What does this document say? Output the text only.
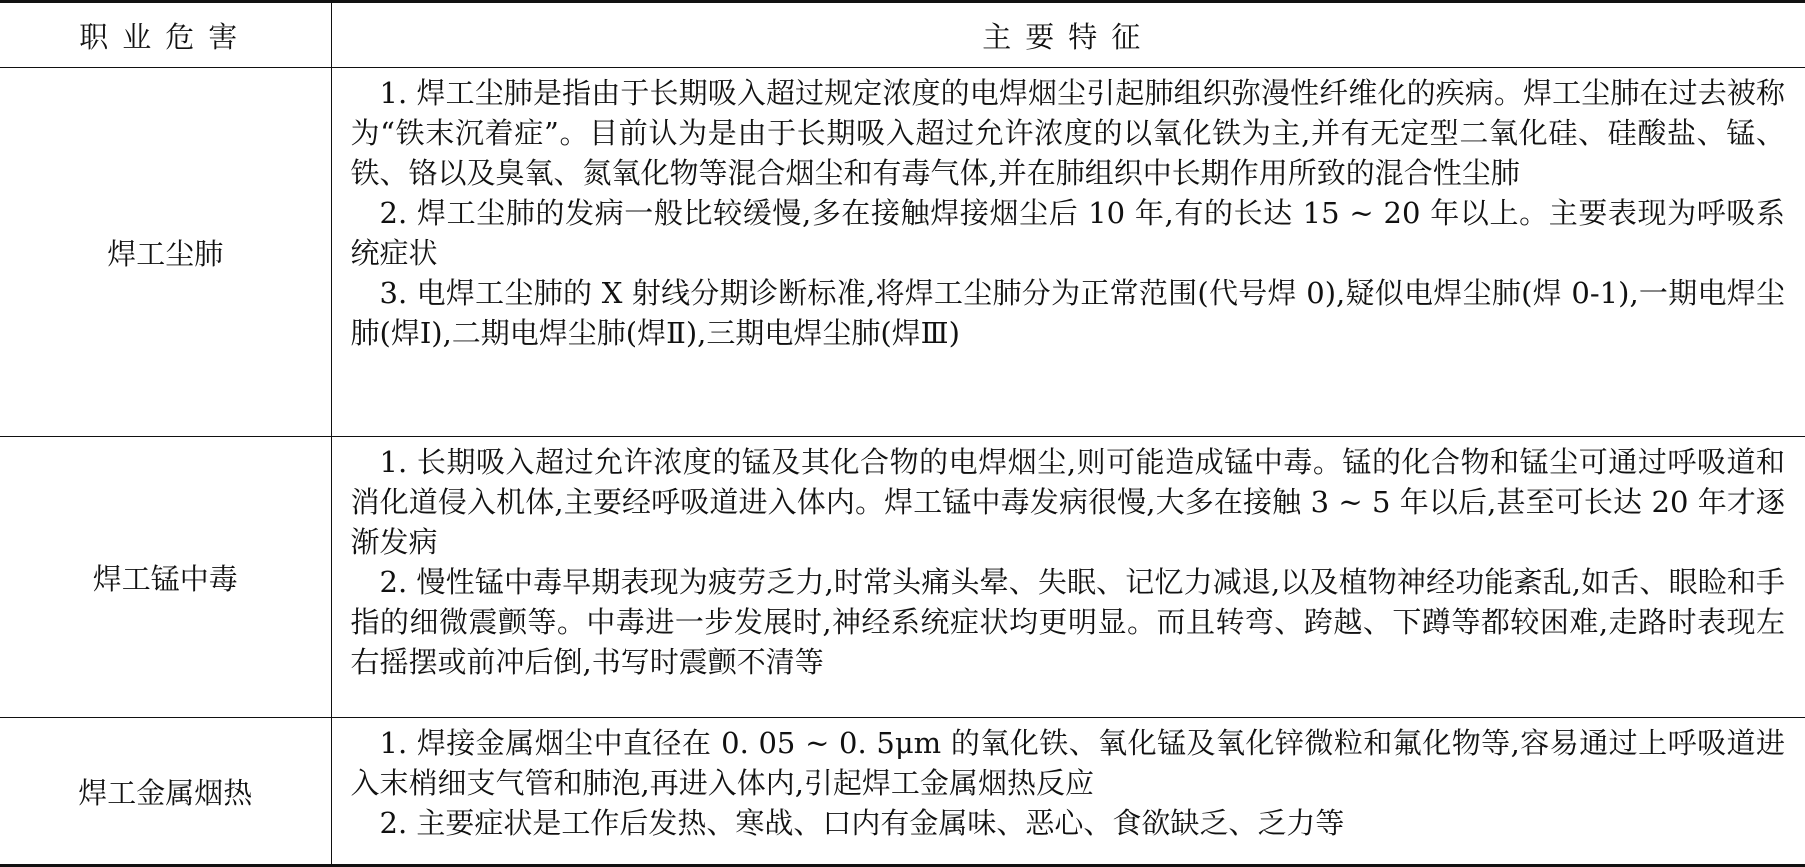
职业危害	主要特征
焊工尘肺	1. 焊工尘肺是指由于长期吸入超过规定浓度的电焊烟尘引起肺组织弥漫性纤维化的疾病。焊工尘肺在过去被称为“铁末沉着症”。目前认为是由于长期吸入超过允许浓度的以氧化铁为主,并有无定型二氧化硅、硅酸盐、锰、铁、铬以及臭氧、氮氧化物等混合烟尘和有毒气体,并在肺组织中长期作用所致的混合性尘肺

2. 焊工尘肺的发病一般比较缓慢,多在接触焊接烟尘后 10 年,有的长达 15 ~ 20 年以上。主要表现为呼吸系统症状

3. 电焊工尘肺的 X 射线分期诊断标准,将焊工尘肺分为正常范围(代号焊 0),疑似电焊尘肺(焊 0-1),一期电焊尘肺(焊Ⅰ),二期电焊尘肺(焊Ⅱ),三期电焊尘肺(焊Ⅲ)

焊工锰中毒	1. 长期吸入超过允许浓度的锰及其化合物的电焊烟尘,则可能造成锰中毒。锰的化合物和锰尘可通过呼吸道和消化道侵入机体,主要经呼吸道进入体内。焊工锰中毒发病很慢,大多在接触 3 ~ 5 年以后,甚至可长达 20 年才逐渐发病

2. 慢性锰中毒早期表现为疲劳乏力,时常头痛头晕、失眠、记忆力减退,以及植物神经功能紊乱,如舌、眼睑和手指的细微震颤等。中毒进一步发展时,神经系统症状均更明显。而且转弯、跨越、下蹲等都较困难,走路时表现左右摇摆或前冲后倒,书写时震颤不清等

焊工金属烟热	1. 焊接金属烟尘中直径在 0. 05 ~ 0. 5μm 的氧化铁、氧化锰及氧化锌微粒和氟化物等,容易通过上呼吸道进入末梢细支气管和肺泡,再进入体内,引起焊工金属烟热反应

2. 主要症状是工作后发热、寒战、口内有金属味、恶心、食欲缺乏、乏力等
